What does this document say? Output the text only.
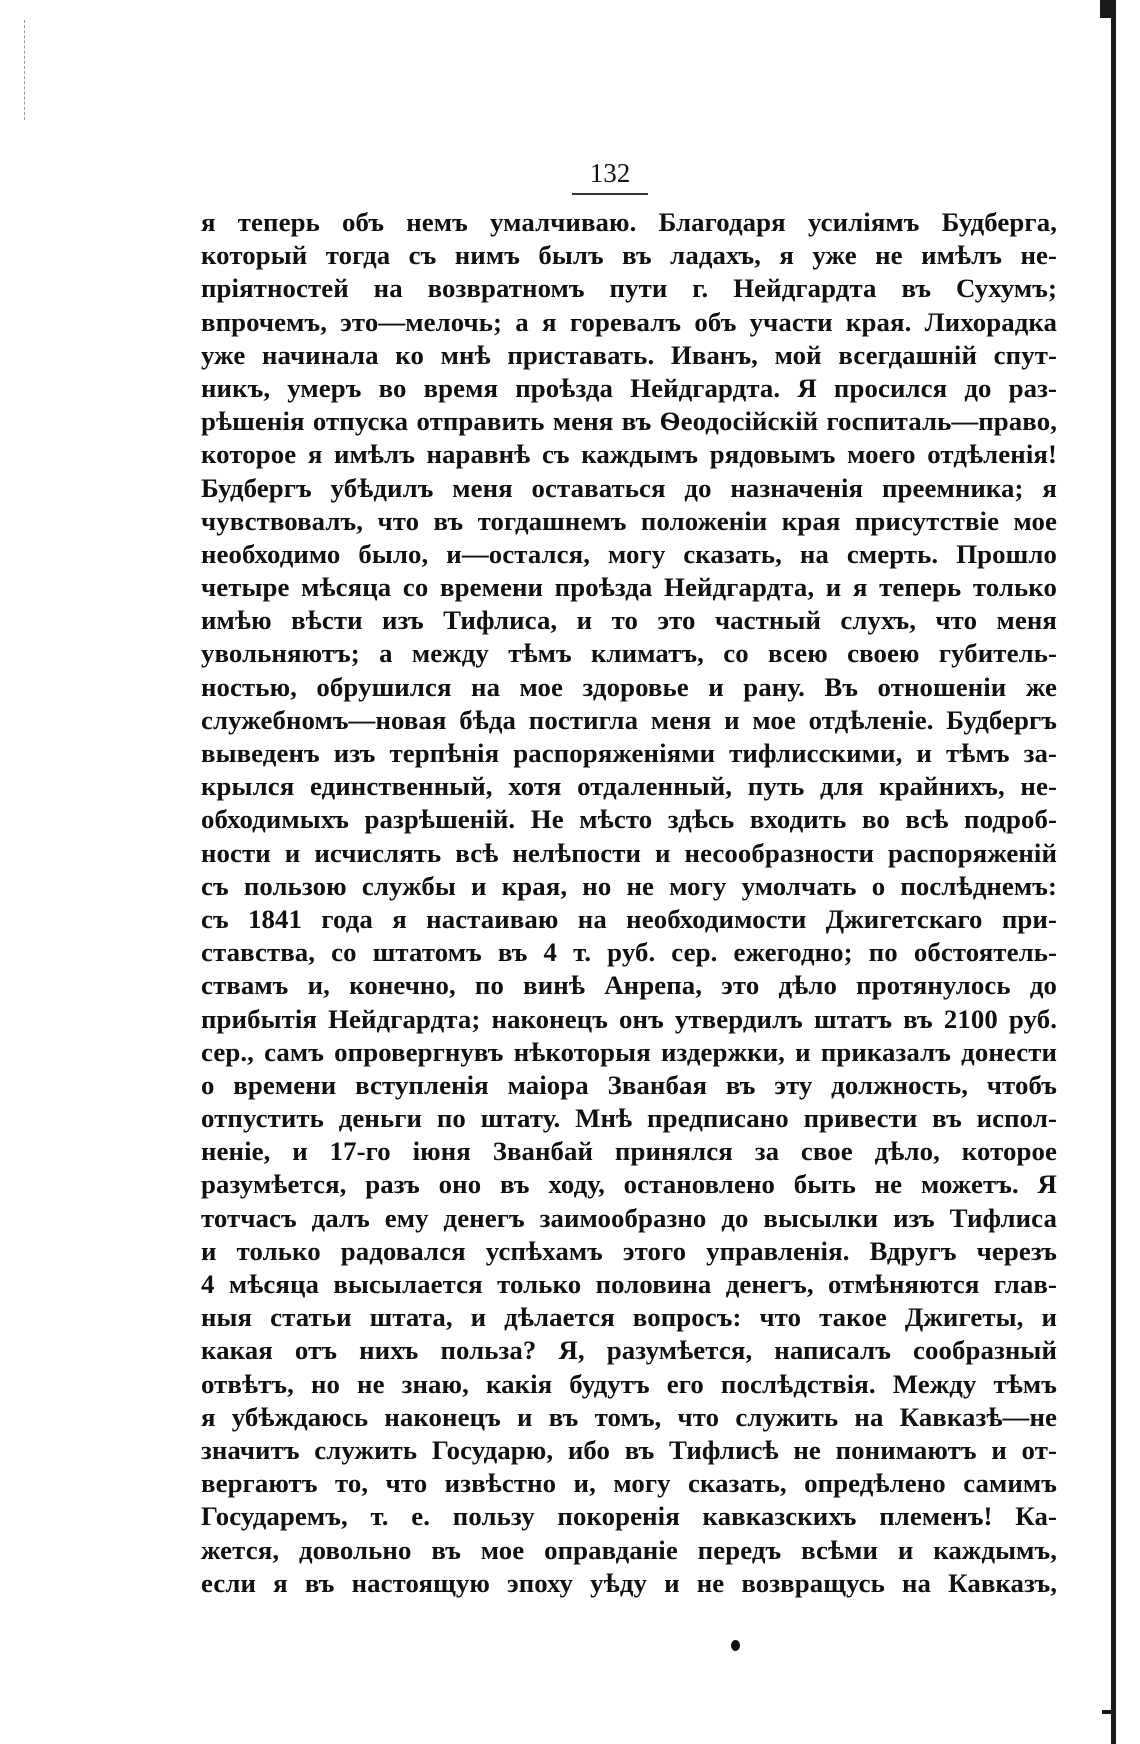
132
я теперь объ немъ умалчиваю. Благодаря усиліямъ Будберга,
который тогда съ нимъ былъ въ ладахъ, я уже не имѣлъ не-
пріятностей на возвратномъ пути г. Нейдгардта въ Сухумъ;
впрочемъ, это—мелочь; а я горевалъ объ участи края. Лихорадка
уже начинала ко мнѣ приставать. Иванъ, мой всегдашній спут-
никъ, умеръ во время проѣзда Нейдгардта. Я просился до раз-
рѣшенія отпуска отправить меня въ Ѳеодосійскій госпиталь—право,
которое я имѣлъ наравнѣ съ каждымъ рядовымъ моего отдѣленія!
Будбергъ убѣдилъ меня оставаться до назначенія преемника; я
чувствовалъ, что въ тогдашнемъ положеніи края присутствіе мое
необходимо было, и—остался, могу сказать, на смерть. Прошло
четыре мѣсяца со времени проѣзда Нейдгардта, и я теперь только
имѣю вѣсти изъ Тифлиса, и то это частный слухъ, что меня
увольняютъ; а между тѣмъ климатъ, со всею своею губитель-
ностью, обрушился на мое здоровье и рану. Въ отношеніи же
служебномъ—новая бѣда постигла меня и мое отдѣленіе. Будбергъ
выведенъ изъ терпѣнія распоряженіями тифлисскими, и тѣмъ за-
крылся единственный, хотя отдаленный, путь для крайнихъ, не-
обходимыхъ разрѣшеній. Не мѣсто здѣсь входить во всѣ подроб-
ности и исчислять всѣ нелѣпости и несообразности распоряженій
съ пользою службы и края, но не могу умолчать о послѣднемъ:
съ 1841 года я настаиваю на необходимости Джигетскаго при-
ставства, со штатомъ въ 4 т. руб. сер. ежегодно; по обстоятель-
ствамъ и, конечно, по винѣ Анрепа, это дѣло протянулось до
прибытія Нейдгардта; наконецъ онъ утвердилъ штатъ въ 2100 руб.
сер., самъ опровергнувъ нѣкоторыя издержки, и приказалъ донести
о времени вступленія маіора Званбая въ эту должность, чтобъ
отпустить деньги по штату. Мнѣ предписано привести въ испол-
неніе, и 17-го іюня Званбай принялся за свое дѣло, которое
разумѣется, разъ оно въ ходу, остановлено быть не можетъ. Я
тотчасъ далъ ему денегъ заимообразно до высылки изъ Тифлиса
и только радовался успѣхамъ этого управленія. Вдругъ черезъ
4 мѣсяца высылается только половина денегъ, отмѣняются глав-
ныя статьи штата, и дѣлается вопросъ: что такое Джигеты, и
какая отъ нихъ польза? Я, разумѣется, написалъ сообразный
отвѣтъ, но не знаю, какія будутъ его послѣдствія. Между тѣмъ
я убѣждаюсь наконецъ и въ томъ, что служить на Кавказѣ—не
значитъ служить Государю, ибо въ Тифлисѣ не понимаютъ и от-
вергаютъ то, что извѣстно и, могу сказать, опредѣлено самимъ
Государемъ, т. е. пользу покоренія кавказскихъ племенъ! Ка-
жется, довольно въ мое оправданіе передъ всѣми и каждымъ,
если я въ настоящую эпоху уѣду и не возвращусь на Кавказъ,
